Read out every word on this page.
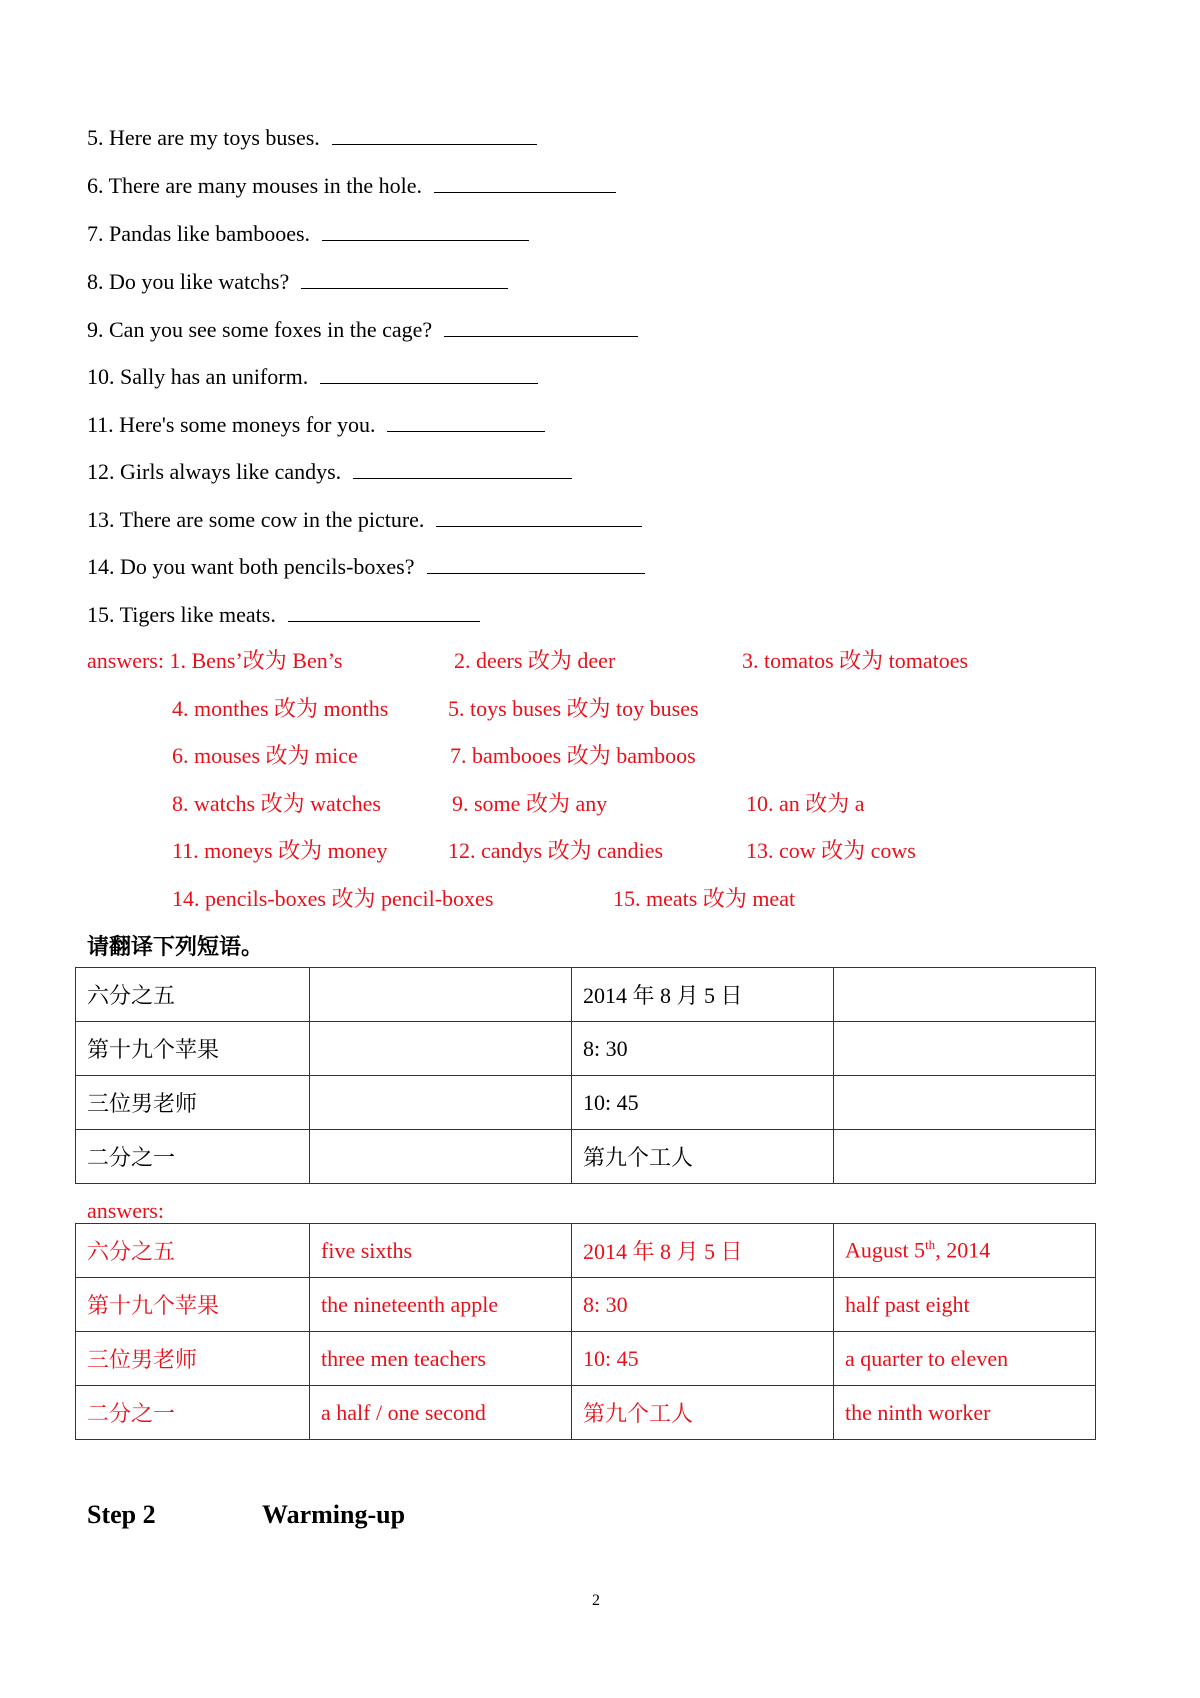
5. Here are my toys buses.
6. There are many mouses in the hole.
7. Pandas like bambooes.
8. Do you like watchs?
9. Can you see some foxes in the cage?
10. Sally has an uniform.
11. Here's some moneys for you.
12. Girls always like candys.
13. There are some cow in the picture.
14. Do you want both pencils-boxes?
15. Tigers like meats.
answers: 1. Bens’改为 Ben’s	2. deers 改为 deer	3. tomatos 改为 tomatoes
4. monthes 改为 months	5. toys buses 改为 toy buses
6. mouses 改为 mice	7. bambooes 改为 bamboos
8. watchs 改为 watches	9. some 改为 any	10. an 改为 a
11. moneys 改为 money	12. candys 改为 candies	13. cow 改为 cows
14. pencils-boxes 改为 pencil-boxes	15. meats 改为 meat
请翻译下列短语。
六分之五		2014 年 8 月 5 日	
第十九个苹果		8: 30	
三位男老师		10: 45	
二分之一		第九个工人	
answers:
六分之五	five sixths	2014 年 8 月 5 日	August 5th, 2014
第十九个苹果	the nineteenth apple	8: 30	half past eight
三位男老师	three men teachers	10: 45	a quarter to eleven
二分之一	a half / one second	第九个工人	the ninth worker
Step 2	Warming-up
2
